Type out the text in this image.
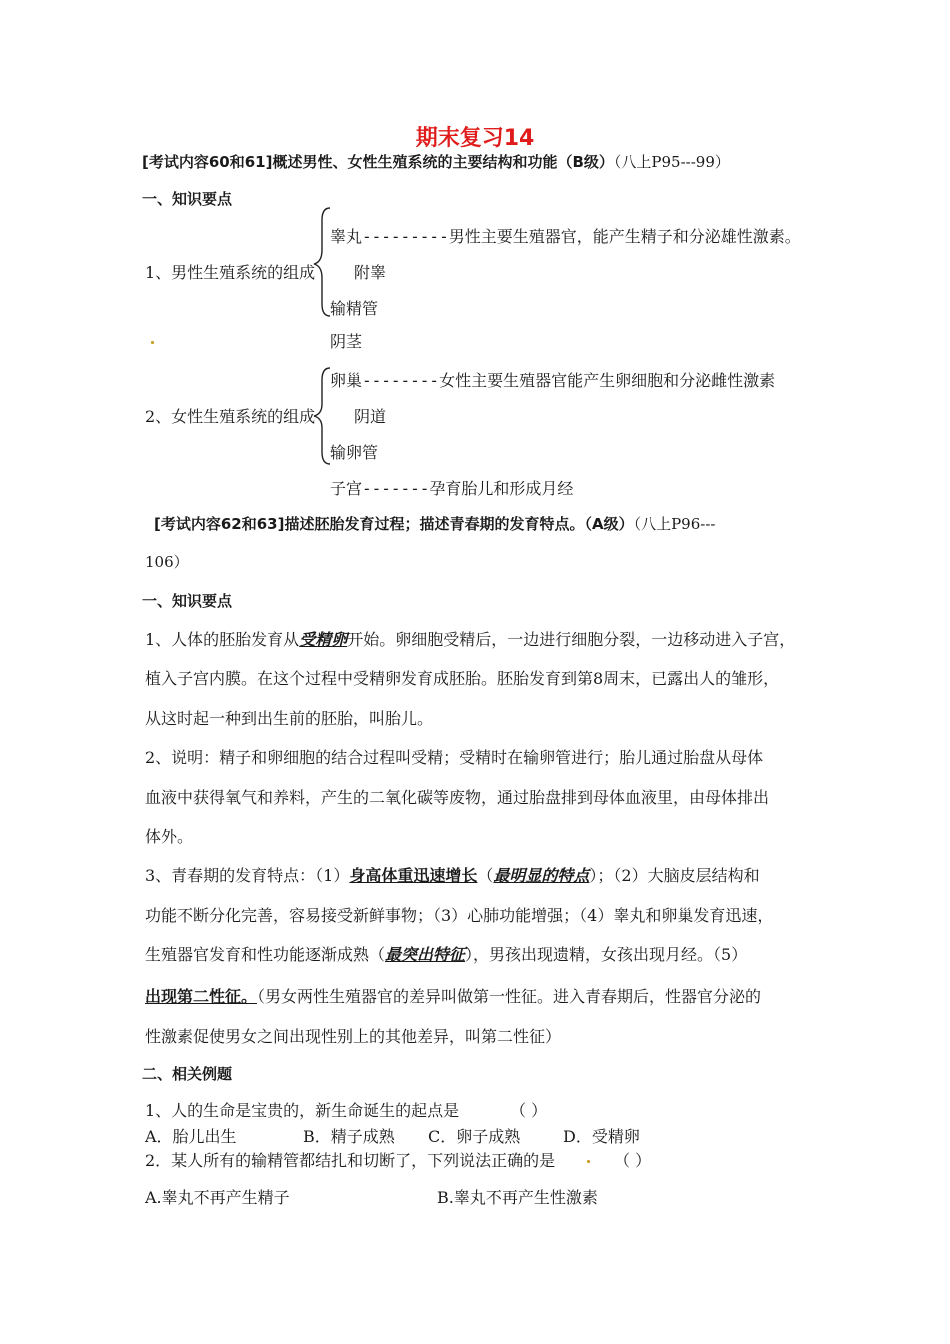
期末复习14
[考试内容60和61]概述男性、女性生殖系统的主要结构和功能（B级）（八上P95---99）
一、知识要点
1、男性生殖系统的组成
睾丸---------男性主要生殖器官，能产生精子和分泌雄性激素。
附睾
输精管
阴茎
2、女性生殖系统的组成
卵巢--------女性主要生殖器官能产生卵细胞和分泌雌性激素
阴道
输卵管
子宫-------孕育胎儿和形成月经
[考试内容62和63]描述胚胎发育过程；描述青春期的发育特点。（A级）（八上P96---
106）
一、知识要点
1、人体的胚胎发育从受精卵开始。卵细胞受精后，一边进行细胞分裂，一边移动进入子宫，
植入子宫内膜。在这个过程中受精卵发育成胚胎。胚胎发育到第8周末，已露出人的雏形，
从这时起一种到出生前的胚胎，叫胎儿。
2、说明：精子和卵细胞的结合过程叫受精；受精时在输卵管进行；胎儿通过胎盘从母体
血液中获得氧气和养料，产生的二氧化碳等废物，通过胎盘排到母体血液里，由母体排出
体外。
3、青春期的发育特点：（1）身高体重迅速增长（最明显的特点）；（2）大脑皮层结构和
功能不断分化完善，容易接受新鲜事物；（3）心肺功能增强；（4）睾丸和卵巢发育迅速，
生殖器官发育和性功能逐渐成熟（最突出特征），男孩出现遗精，女孩出现月经。（5）
出现第二性征。（男女两性生殖器官的差异叫做第一性征。进入青春期后，性器官分泌的
性激素促使男女之间出现性别上的其他差异，叫第二性征）
二、相关例题
1、人的生命是宝贵的，新生命诞生的起点是	（ ）
A．胎儿出生	B．精子成熟 C．卵子成熟	D．受精卵
2．某人所有的输精管都结扎和切断了，下列说法正确的是	（ ）
A.睾丸不再产生精子	B.睾丸不再产生性激素
